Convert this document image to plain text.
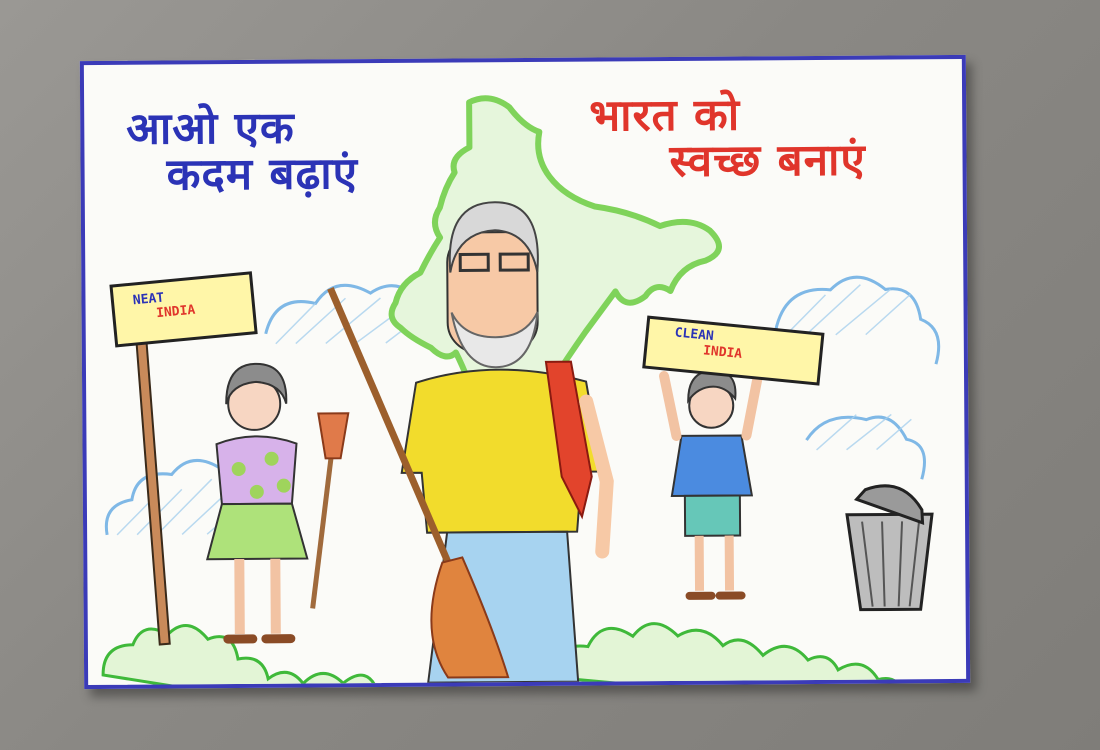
आओ एक
कदम बढ़ाएं
भारत को
स्वच्छ बनाएं
NEAT
INDIA
CLEAN
INDIA
